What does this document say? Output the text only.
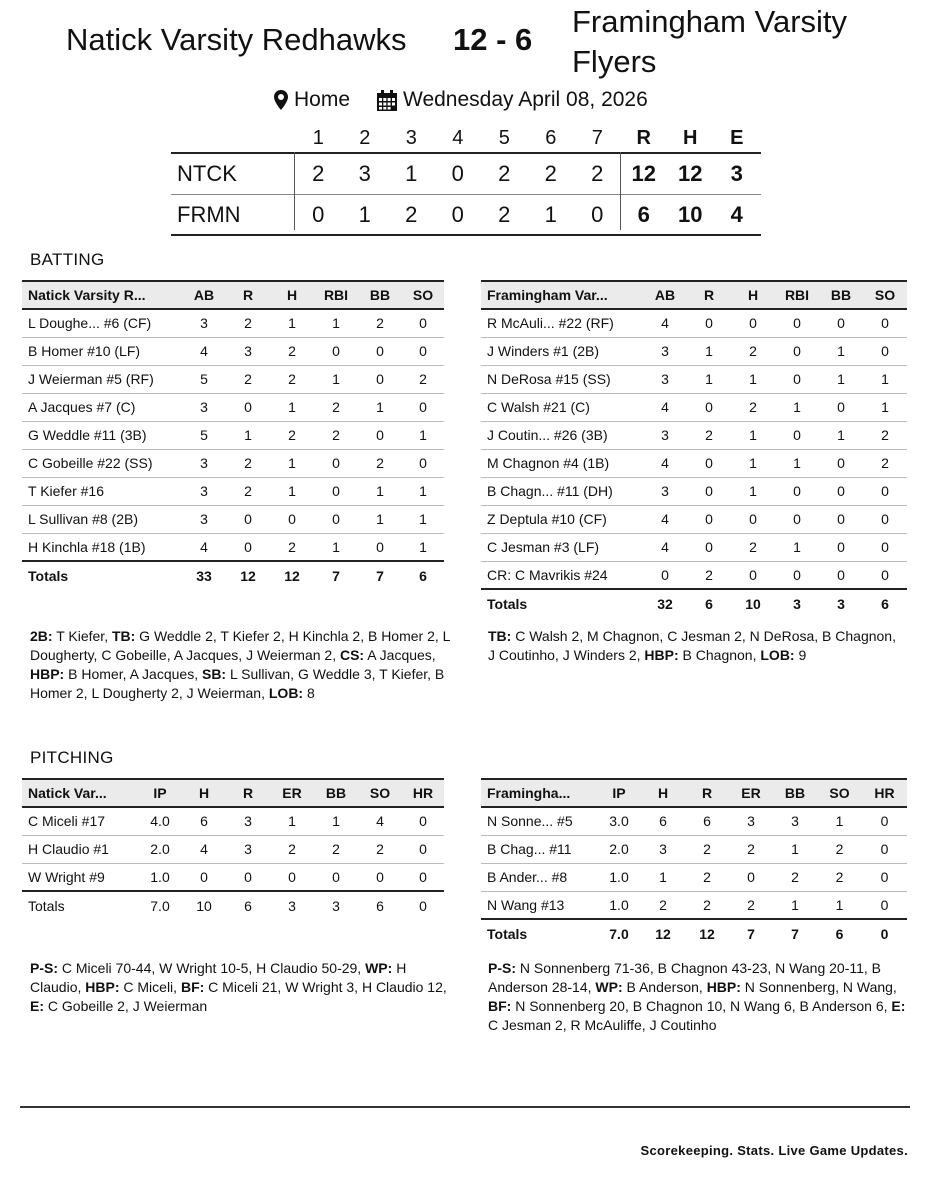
Natick Varsity Redhawks 12 - 6
Framingham Varsity Flyers
Home	Wednesday April 08, 2026
1	2	3	4	5	6	7	R	H	E
NTCK	2	3	1	0	2	2	2	12	12	3
FRMN	0	1	2	0	2	1	0	6	10	4
BATTING
Natick Varsity R...	AB	R	H	RBI	BB	SO
L Doughe... #6 (CF)	3	2	1	1	2	0
B Homer #10 (LF)	4	3	2	0	0	0
J Weierman #5 (RF)	5	2	2	1	0	2
A Jacques #7 (C)	3	0	1	2	1	0
G Weddle #11 (3B)	5	1	2	2	0	1
C Gobeille #22 (SS)	3	2	1	0	2	0
T Kiefer #16	3	2	1	0	1	1
L Sullivan #8 (2B)	3	0	0	0	1	1
H Kinchla #18 (1B)	4	0	2	1	0	1
Totals	33	12	12	7	7	6
Framingham Var...	AB	R	H	RBI	BB	SO
R McAuli... #22 (RF)	4	0	0	0	0	0
J Winders #1 (2B)	3	1	2	0	1	0
N DeRosa #15 (SS)	3	1	1	0	1	1
C Walsh #21 (C)	4	0	2	1	0	1
J Coutin... #26 (3B)	3	2	1	0	1	2
M Chagnon #4 (1B)	4	0	1	1	0	2
B Chagn... #11 (DH)	3	0	1	0	0	0
Z Deptula #10 (CF)	4	0	0	0	0	0
C Jesman #3 (LF)	4	0	2	1	0	0
CR: C Mavrikis #24	0	2	0	0	0	0
Totals	32	6	10	3	3	6
2B: T Kiefer, TB: G Weddle 2, T Kiefer 2, H Kinchla 2, B Homer 2, L Dougherty, C Gobeille, A Jacques, J Weierman 2, CS: A Jacques, HBP: B Homer, A Jacques, SB: L Sullivan, G Weddle 3, T Kiefer, B Homer 2, L Dougherty 2, J Weierman, LOB: 8
TB: C Walsh 2, M Chagnon, C Jesman 2, N DeRosa, B Chagnon, J Coutinho, J Winders 2, HBP: B Chagnon, LOB: 9
PITCHING
Natick Var...	IP	H	R	ER	BB	SO	HR
C Miceli #17	4.0	6	3	1	1	4	0
H Claudio #1	2.0	4	3	2	2	2	0
W Wright #9	1.0	0	0	0	0	0	0
Totals	7.0	10	6	3	3	6	0
Framingha...	IP	H	R	ER	BB	SO	HR
N Sonne... #5	3.0	6	6	3	3	1	0
B Chag... #11	2.0	3	2	2	1	2	0
B Ander... #8	1.0	1	2	0	2	2	0
N Wang #13	1.0	2	2	2	1	1	0
Totals	7.0	12	12	7	7	6	0
P-S: C Miceli 70-44, W Wright 10-5, H Claudio 50-29, WP: H Claudio, HBP: C Miceli, BF: C Miceli 21, W Wright 3, H Claudio 12, E: C Gobeille 2, J Weierman
P-S: N Sonnenberg 71-36, B Chagnon 43-23, N Wang 20-11, B Anderson 28-14, WP: B Anderson, HBP: N Sonnenberg, N Wang, BF: N Sonnenberg 20, B Chagnon 10, N Wang 6, B Anderson 6, E: C Jesman 2, R McAuliffe, J Coutinho
Scorekeeping. Stats. Live Game Updates.
